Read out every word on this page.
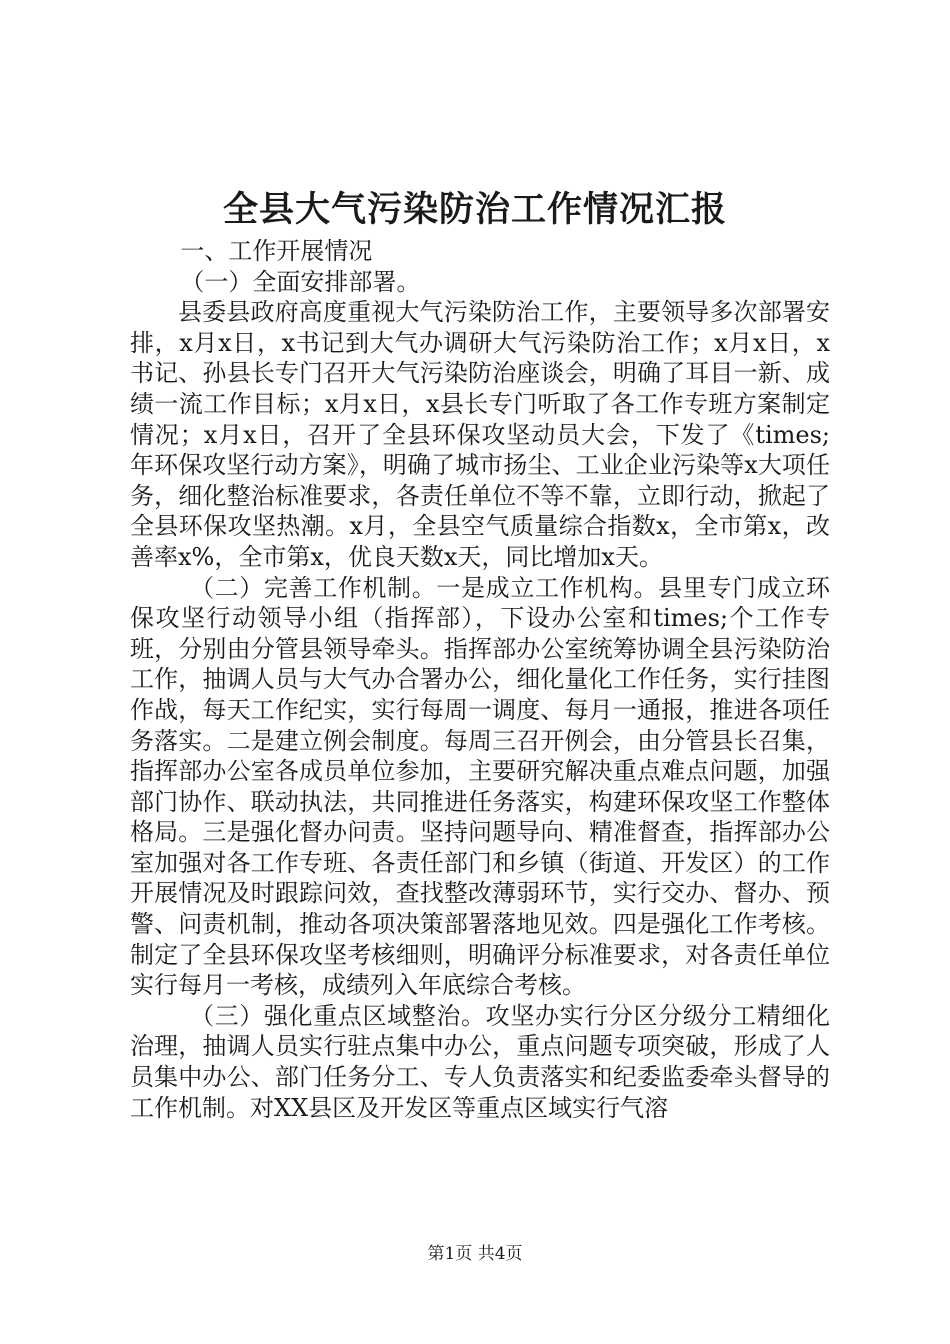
全县大气污染防治工作情况汇报

一、工作开展情况

（一）全面安排部署。

县委县政府高度重视大气污染防治工作，主要领导多次部署安排，x月x日，x书记到大气办调研大气污染防治工作；x月x日，x书记、孙县长专门召开大气污染防治座谈会，明确了耳目一新、成绩一流工作目标；x月x日，x县长专门听取了各工作专班方案制定情况；x月x日，召开了全县环保攻坚动员大会，下发了《times;年环保攻坚行动方案》，明确了城市扬尘、工业企业污染等x大项任务，细化整治标准要求，各责任单位不等不靠，立即行动，掀起了全县环保攻坚热潮。x月，全县空气质量综合指数x，全市第x，改善率x%，全市第x，优良天数x天，同比增加x天。

（二）完善工作机制。一是成立工作机构。县里专门成立环保攻坚行动领导小组（指挥部），下设办公室和times;个工作专班，分别由分管县领导牵头。指挥部办公室统筹协调全县污染防治工作，抽调人员与大气办合署办公，细化量化工作任务，实行挂图作战，每天工作纪实，实行每周一调度、每月一通报，推进各项任务落实。二是建立例会制度。每周三召开例会，由分管县长召集，指挥部办公室各成员单位参加，主要研究解决重点难点问题，加强部门协作、联动执法，共同推进任务落实，构建环保攻坚工作整体格局。三是强化督办问责。坚持问题导向、精准督查，指挥部办公室加强对各工作专班、各责任部门和乡镇（街道、开发区）的工作开展情况及时跟踪问效，查找整改薄弱环节，实行交办、督办、预警、问责机制，推动各项决策部署落地见效。四是强化工作考核。制定了全县环保攻坚考核细则，明确评分标准要求，对各责任单位实行每月一考核，成绩列入年底综合考核。

（三）强化重点区域整治。攻坚办实行分区分级分工精细化治理，抽调人员实行驻点集中办公，重点问题专项突破，形成了人员集中办公、部门任务分工、专人负责落实和纪委监委牵头督导的工作机制。对XX县区及开发区等重点区域实行气溶

第1页 共4页
